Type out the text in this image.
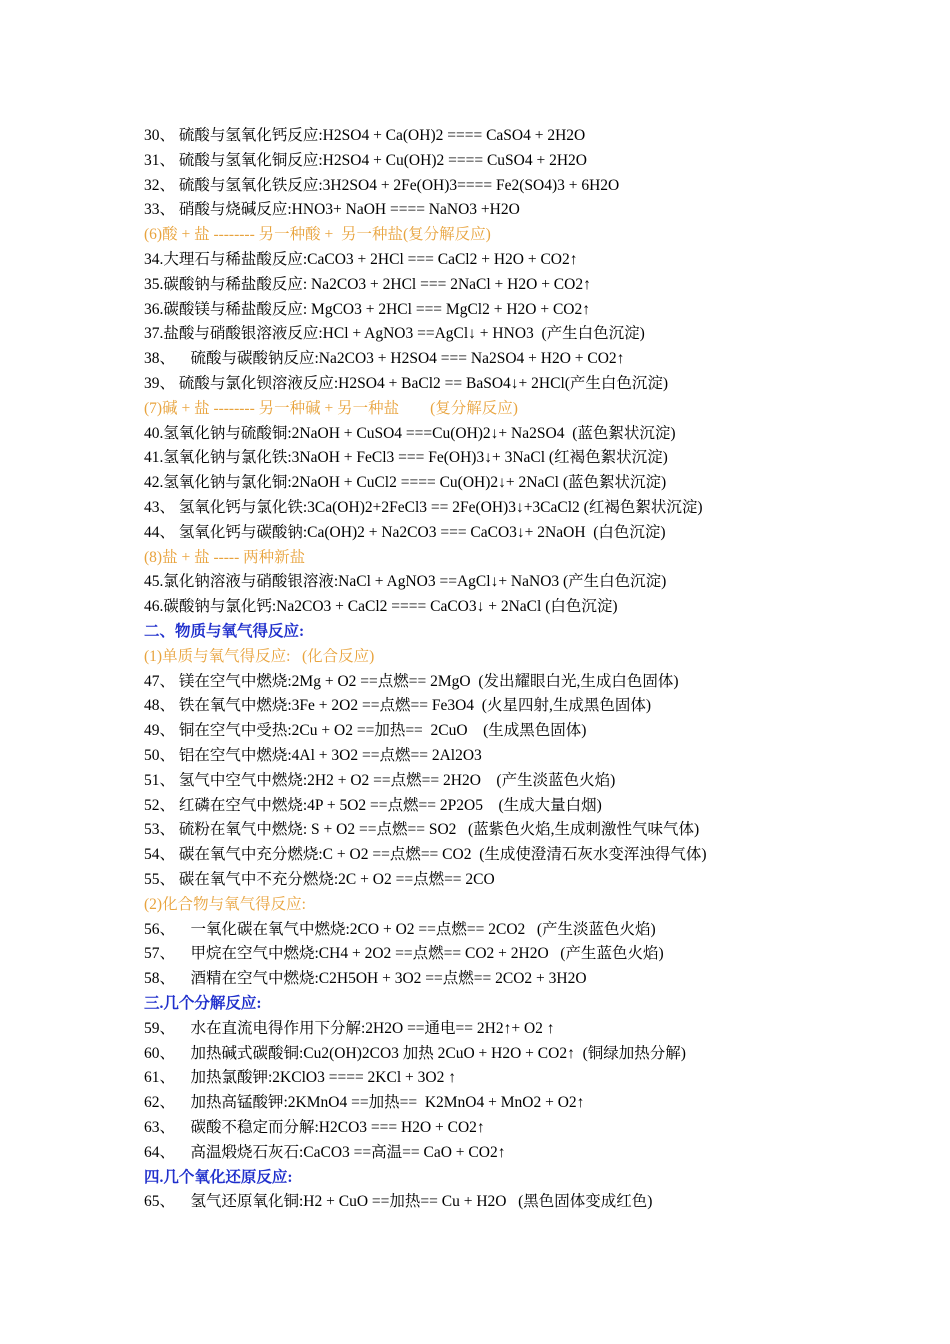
30、 硫酸与氢氧化钙反应:H2SO4 + Ca(OH)2 ==== CaSO4 + 2H2O

31、 硫酸与氢氧化铜反应:H2SO4 + Cu(OH)2 ==== CuSO4 + 2H2O

32、 硫酸与氢氧化铁反应:3H2SO4 + 2Fe(OH)3==== Fe2(SO4)3 + 6H2O

33、 硝酸与烧碱反应:HNO3+ NaOH ==== NaNO3 +H2O

(6)酸 + 盐 -------- 另一种酸 +  另一种盐(复分解反应)

34.大理石与稀盐酸反应:CaCO3 + 2HCl === CaCl2 + H2O + CO2↑

35.碳酸钠与稀盐酸反应: Na2CO3 + 2HCl === 2NaCl + H2O + CO2↑

36.碳酸镁与稀盐酸反应: MgCO3 + 2HCl === MgCl2 + H2O + CO2↑

37.盐酸与硝酸银溶液反应:HCl + AgNO3 ==AgCl↓ + HNO3  (产生白色沉淀)

38、    硫酸与碳酸钠反应:Na2CO3 + H2SO4 === Na2SO4 + H2O + CO2↑

39、 硫酸与氯化钡溶液反应:H2SO4 + BaCl2 == BaSO4↓+ 2HCl(产生白色沉淀)

(7)碱 + 盐 -------- 另一种碱 + 另一种盐        (复分解反应)

40.氢氧化钠与硫酸铜:2NaOH + CuSO4 ===Cu(OH)2↓+ Na2SO4  (蓝色絮状沉淀)

41.氢氧化钠与氯化铁:3NaOH + FeCl3 === Fe(OH)3↓+ 3NaCl (红褐色絮状沉淀)

42.氢氧化钠与氯化铜:2NaOH + CuCl2 ==== Cu(OH)2↓+ 2NaCl (蓝色絮状沉淀)

43、 氢氧化钙与氯化铁:3Ca(OH)2+2FeCl3 == 2Fe(OH)3↓+3CaCl2 (红褐色絮状沉淀)

44、 氢氧化钙与碳酸钠:Ca(OH)2 + Na2CO3 === CaCO3↓+ 2NaOH  (白色沉淀)

(8)盐 + 盐 ----- 两种新盐

45.氯化钠溶液与硝酸银溶液:NaCl + AgNO3 ==AgCl↓+ NaNO3 (产生白色沉淀)

46.碳酸钠与氯化钙:Na2CO3 + CaCl2 ==== CaCO3↓ + 2NaCl (白色沉淀)

二、物质与氧气得反应:

(1)单质与氧气得反应:   (化合反应)

47、 镁在空气中燃烧:2Mg + O2 ==点燃== 2MgO  (发出耀眼白光,生成白色固体)

48、 铁在氧气中燃烧:3Fe + 2O2 ==点燃== Fe3O4  (火星四射,生成黑色固体)

49、 铜在空气中受热:2Cu + O2 ==加热==  2CuO    (生成黑色固体)

50、 铝在空气中燃烧:4Al + 3O2 ==点燃== 2Al2O3

51、 氢气中空气中燃烧:2H2 + O2 ==点燃== 2H2O    (产生淡蓝色火焰)

52、 红磷在空气中燃烧:4P + 5O2 ==点燃== 2P2O5    (生成大量白烟)

53、 硫粉在氧气中燃烧: S + O2 ==点燃== SO2   (蓝紫色火焰,生成刺激性气味气体)

54、 碳在氧气中充分燃烧:C + O2 ==点燃== CO2  (生成使澄清石灰水变浑浊得气体)

55、 碳在氧气中不充分燃烧:2C + O2 ==点燃== 2CO

(2)化合物与氧气得反应:

56、    一氧化碳在氧气中燃烧:2CO + O2 ==点燃== 2CO2   (产生淡蓝色火焰)

57、    甲烷在空气中燃烧:CH4 + 2O2 ==点燃== CO2 + 2H2O   (产生蓝色火焰)

58、    酒精在空气中燃烧:C2H5OH + 3O2 ==点燃== 2CO2 + 3H2O

三.几个分解反应:

59、    水在直流电得作用下分解:2H2O ==通电== 2H2↑+ O2 ↑

60、    加热碱式碳酸铜:Cu2(OH)2CO3 加热 2CuO + H2O + CO2↑  (铜绿加热分解)

61、    加热氯酸钾:2KClO3 ==== 2KCl + 3O2 ↑

62、    加热高锰酸钾:2KMnO4 ==加热==  K2MnO4 + MnO2 + O2↑

63、    碳酸不稳定而分解:H2CO3 === H2O + CO2↑

64、    高温煅烧石灰石:CaCO3 ==高温== CaO + CO2↑

四.几个氧化还原反应:

65、    氢气还原氧化铜:H2 + CuO ==加热== Cu + H2O   (黑色固体变成红色)
